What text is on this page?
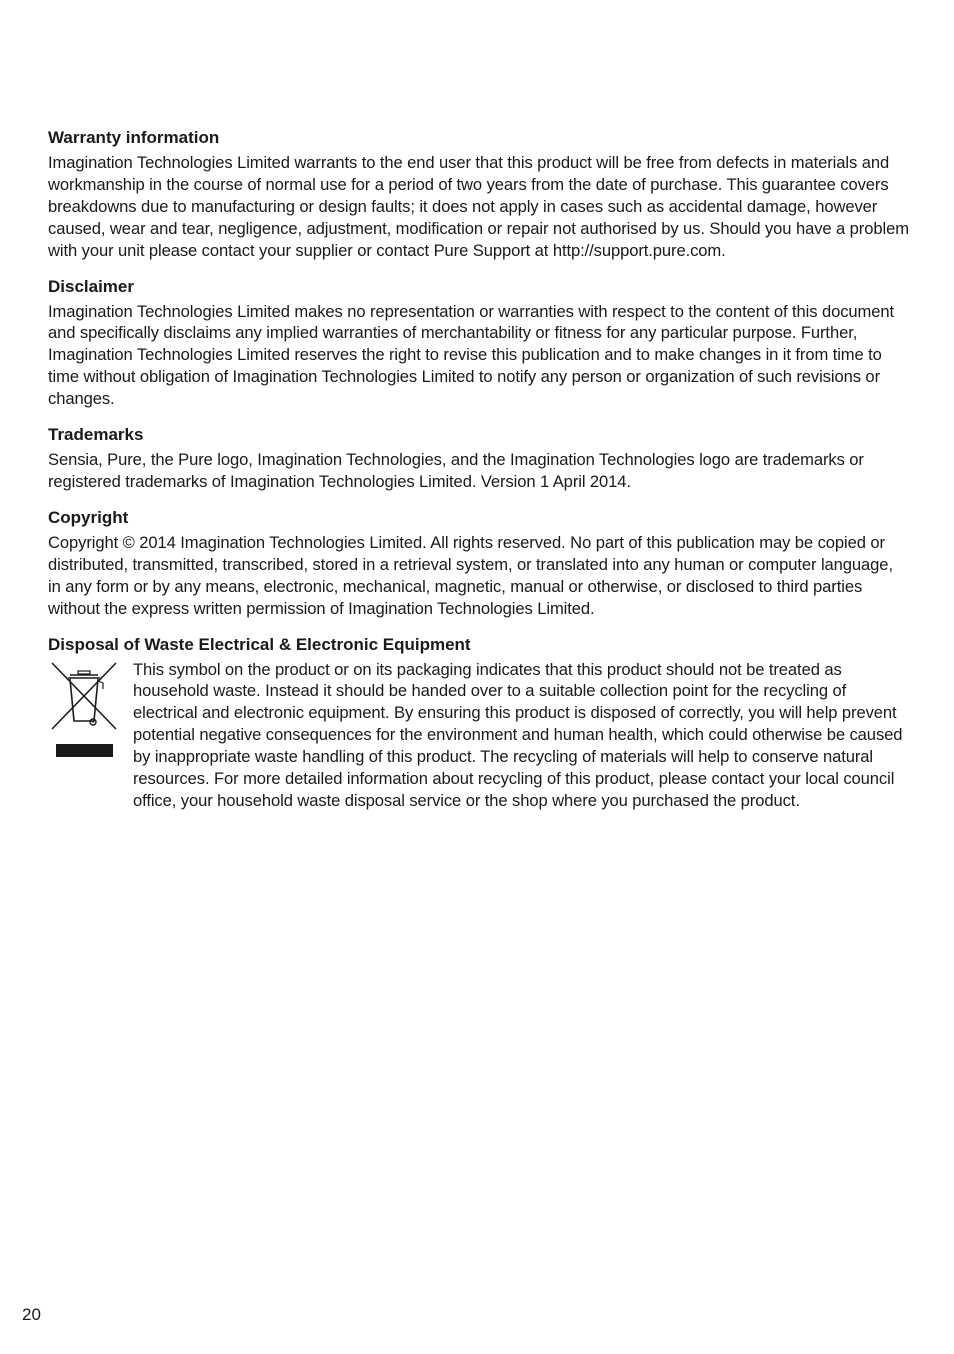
Warranty information

Imagination Technologies Limited warrants to the end user that this product will be free from defects in materials and workmanship in the course of normal use for a period of two years from the date of purchase. This guarantee covers breakdowns due to manufacturing or design faults; it does not apply in cases such as accidental damage, however caused, wear and tear, negligence, adjustment, modification or repair not authorised by us. Should you have a problem with your unit please contact your supplier or contact Pure Support at http://support.pure.com.

Disclaimer

Imagination Technologies Limited makes no representation or warranties with respect to the content of this document and specifically disclaims any implied warranties of merchantability or fitness for any particular purpose. Further, Imagination Technologies Limited reserves the right to revise this publication and to make changes in it from time to time without obligation of Imagination Technologies Limited to notify any person or organization of such revisions or changes.

Trademarks

Sensia, Pure, the Pure logo, Imagination Technologies, and the Imagination Technologies logo are trademarks or registered trademarks of Imagination Technologies Limited. Version 1 April 2014.

Copyright

Copyright © 2014 Imagination Technologies Limited. All rights reserved. No part of this publication may be copied or distributed, transmitted, transcribed, stored in a retrieval system, or translated into any human or computer language, in any form or by any means, electronic, mechanical, magnetic, manual or otherwise, or disclosed to third parties without the express written permission of Imagination Technologies Limited.

Disposal of Waste Electrical & Electronic Equipment

This symbol on the product or on its packaging indicates that this product should not be treated as household waste. Instead it should be handed over to a suitable collection point for the recycling of electrical and electronic equipment. By ensuring this product is disposed of correctly, you will help prevent potential negative consequences for the environment and human health, which could otherwise be caused by inappropriate waste handling of this product. The recycling of materials will help to conserve natural resources. For more detailed information about recycling of this product, please contact your local council office, your household waste disposal service or the shop where you purchased the product.

20
